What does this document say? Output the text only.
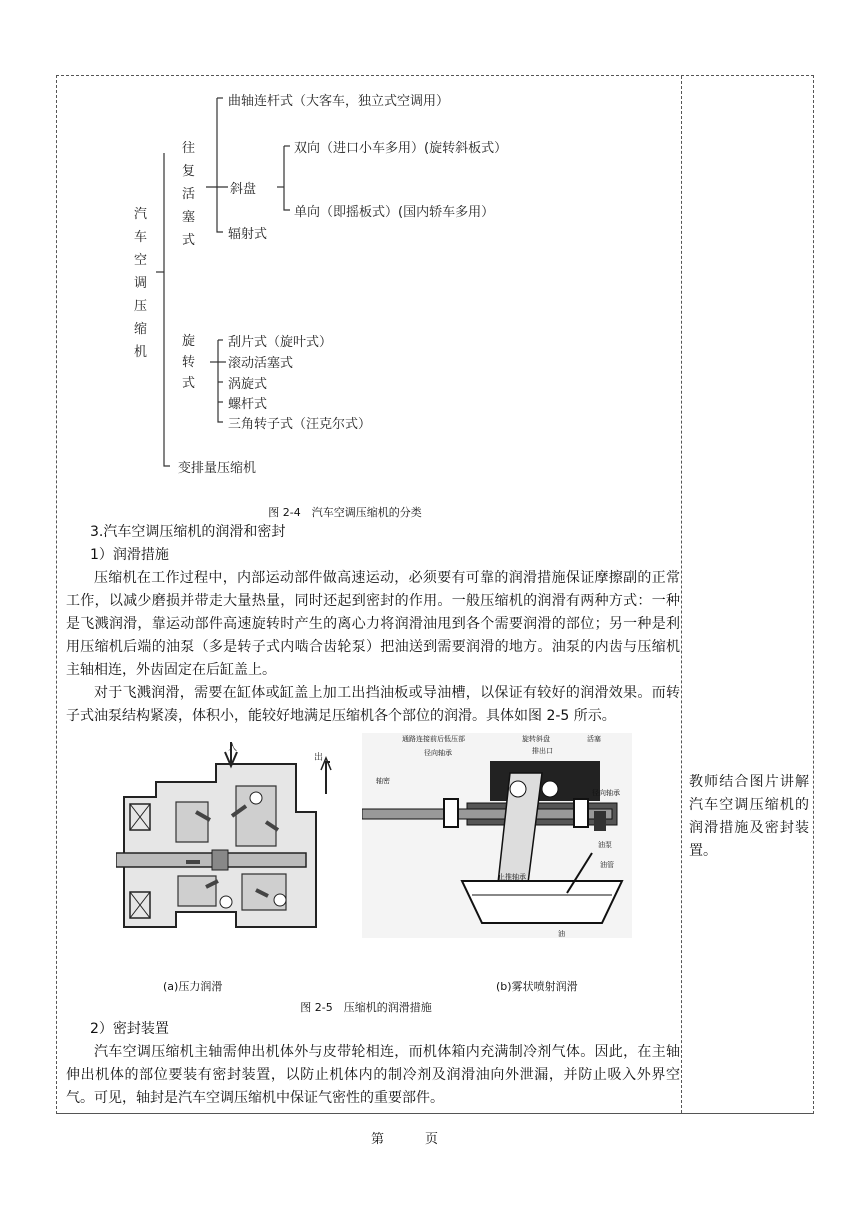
汽
车
空
调
压
缩
机
往
复
活
塞
式
旋
转
式
曲轴连杆式（大客车，独立式空调用）
斜盘
双向（进口小车多用）(旋转斜板式）
单向（即摇板式）(国内轿车多用）
辐射式
刮片式（旋叶式）
滚动活塞式
涡旋式
螺杆式
三角转子式（汪克尔式）
变排量压缩机
图 2-4　汽车空调压缩机的分类
3.汽车空调压缩机的润滑和密封
1）润滑措施
压缩机在工作过程中，内部运动部件做高速运动，必须要有可靠的润滑措施保证摩擦副的正常工作，以减少磨损并带走大量热量，同时还起到密封的作用。一般压缩机的润滑有两种方式：一种是飞溅润滑，靠运动部件高速旋转时产生的离心力将润滑油甩到各个需要润滑的部位；另一种是利用压缩机后端的油泵（多是转子式内啮合齿轮泵）把油送到需要润滑的地方。油泵的内齿与压缩机主轴相连，外齿固定在后缸盖上。
对于飞溅润滑，需要在缸体或缸盖上加工出挡油板或导油槽，以保证有较好的润滑效果。而转子式油泵结构紧凑，体积小，能较好地满足压缩机各个部位的润滑。具体如图 2-5 所示。
入
出
通路连接前后低压部	旋转斜盘	活塞
排出口
径向轴承
轴密
径向轴承
油泵
油管
止推轴承
油
(a)压力润滑	(b)雾状喷射润滑
图 2-5　压缩机的润滑措施
2）密封装置
汽车空调压缩机主轴需伸出机体外与皮带轮相连，而机体箱内充满制冷剂气体。因此，在主轴伸出机体的部位要装有密封装置，以防止机体内的制冷剂及润滑油向外泄漏，并防止吸入外界空气。可见，轴封是汽车空调压缩机中保证气密性的重要部件。
教师结合图片讲解汽车空调压缩机的润滑措施及密封装置。
第	页
